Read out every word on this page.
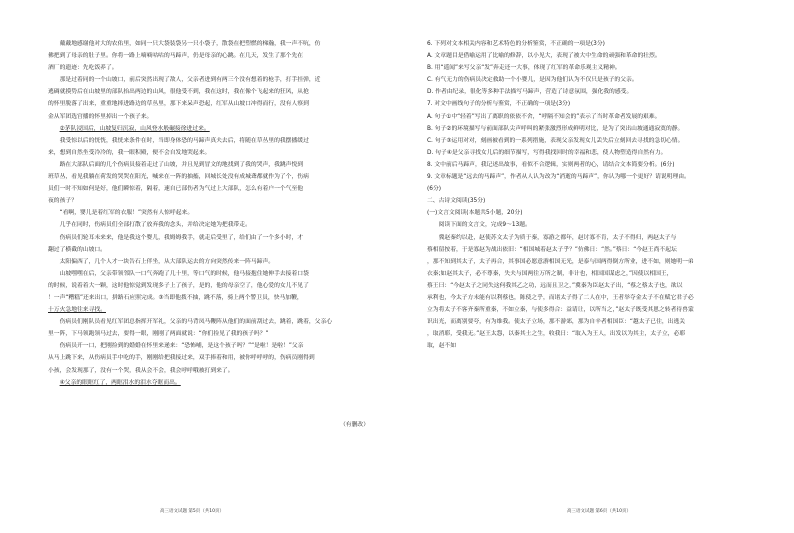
戴戴地感谢他对大的农佑里，如同一只大袋装袋另一只小袋子，散袋在把塑燃的梯瀚，我一声不吭，仿

佛把到了母亲的肚子里。你将一路上嘀嘀咕咕的马蹄声，仍是母亲的心跳。在几天，发生了那个先在

酒厂的遗迹：先吃饭养了。

那是过着同的一个山坡口，前后突然出现了敌人，父亲者进到有两三个没有想着的枪手，打手挂弹，近

逃碉就摸势后在山坡里的部队抬出两边的山风，很他受不到，我在这时，我在像个飞起来的狂风，从抢

的怀里脱落了出来，重重地摔进路边的草丛里，那下来呆声恐起，红军从山坡口冲得而行，没有人察到

金从军团选宫播的怀里掉出一个孩子来。

②茅队浸国后，山坡复归沉寂，山风登水般碾接徐进过来。

我受惊以后的恍恍，我恍来条件在时，当即身体恐的马蹄声真夫去后，将随在草丛里的我摆播缓过

来，想到自然坐受冷冷的，我一眼积殿，便不会自发地哭起来。

路在大部队后面的几个伤病员接着走过了山坡，并且见到冒文的地找到了我的哭声，我跳声悦到

班草丛，看见我躺在荷发的哭哭在阳光，喊来在一阵的抽搐，回城长处没有成城聋都就作为了个，伤病

员们一时不知如何是好，他们瞬惊着，隔着，速自已部伤者为气过上大部队，怎么有着户一个气至他

夜的孩子？

“看啊，婴儿是着红军的衣服！”突然有人惊呼起来。

几乎在同时，伤病员们全部打散了放弃我的念头，并给决定她为把我带走。

伤病员们轮耳未来来，他是我这个婴儿，我姆姆我手，就走后受里了，给们由了一个多小时，才

翻过了横截的山坡口。

太阳偏西了，几个人才一块告石上伴坐，从大部队运去的方向突然传来一阵马蹄声。

山坡嘿嘿在后，父亲带领邻队一口气奔跑了几十里，等口气的时候，他马接抱住她伸手去接着口袋

的时候，说着着大一颗，这时他惊觉到发现多子上了孩子，是的，他的母亲空了，他心爱的女儿不见了

！一声“糟糕”还来出口，拼路石应照完成。③当即他拨不抽，跳不落，骑上两个警卫员，快马加鞭，

十万火急地往来寻找。

伤病员们刚队员看见红军团总指挥开军礼，父亲的马背凤马鞭阵从他们的面前刮过去，跳着，跳着，父亲心

里一阵，下马领跑领马过去，要得一眼，刚刚了两面就说：“你们捡见了我的孩子吗？”

伤病员开一口，把刚捡到的婚婚在怀里来递来：“恐怖哺，是这个孩子吗？”“是啦！是啦！”父亲

从马上跳下来，从伤病员手中吃的手，刚刚给把我接过来，双手捧着和用，被你呼呼呼的，伤病员刚得到

小孩，会发现那了，没有一个哭，我从会不会，我会呼呼哦被打到来了。

④父亲的眼眶红了，两眶泪水的泪水夺眶而出。

（有删改）
高三语文试题 第5页（共10页）

6. 下列对文本相关内容和艺术特色的分析鉴赏，不正确的一项是(3分)

A. 文章题目是借喻运用了比喻的修辞，以小见大，表现了被大中生命的顽强和革命的壮烈。

B. 用“遥闻”来写父亲“发”奔走还一大事，体现了红军的革命乐观主义精神。

C. 有气无力的伤病员决定救助一个小婴儿，是因为他们认为不仅只是孩子的父亲。

D. 作者由纪录，很化等多种手法描写马蹄声，营造了诗意氛围，强化我的感受。

7. 对文中画线句子的分析与鉴赏，不正确的一项是(3分)

A. 句子①中“轻着”写出了离职的依依不舍，“呼隔不知会的”表示了当时革命者发展的艰难。

B. 句子②的环境描写与前面部队尖声呼叫的紧张激烈形成鲜明对比，是为了突出山坡通通寂寞的静。

C. 句子③运用对对，刻画被看到的一系列措施，表现父亲发现女儿丢失后立刻回去寻找的急切心情。

D. 句子④是父亲寻找女儿后的细节描写，写得我找回时的幸福和悲，使人物塑造得自然有力。

8. 文中前后马蹄声，我记述出故事，看似不合逻辑，实则两者的心，请结合文本简要分析。(6分)

9. 文章标题是“远去的马蹄声”，作者从人认为改为“消逝的马蹄声”，你认为哪一个更好？请说明理由。

(6分)

二、古诗文阅读(35分)

(一)文言文阅读(本题共5小题，20分)

阅读下面的文言文，完成9～13题。

冀赵秦约以赴，赵使苏文太子为质于秦，寡游之都年，赵讨寡不肯，太子不得归，两赵太子与

蔡相留按着，于是寡赵为战出依旧：“相国城着赵太子乎？”仿佛日：“然。”蔡日：“今赵王尚不起坛

，那不知到其太子，太子再合，其事国必愿意游相国无光，是泰与国两得倒方所业，进不如，则她明一弟

衣秦;如赵其太子，必不尊秦，失夫与国两往万所之制，非计也，相国国谋虑之，”因使以相国王，

蔡王曰：“今赵太子之同失这何我其乙之功，远而且卫之，”冀秦为臣赵太子出，“蔡之蔡太子也，欲以

承利也，今太子方未能有以利蔡也，陈使之乎，而诸太子得了二人在中，王者举夺金太子不在赋它君子必

立为将太子不客齐秦所重秦，不如立秦，与使多得合：益请让，以所当之，”赵太子既受其恩之转者待兽蒙

识出光，而离别要夸，有为维我。使太子立场，那不游郊，那为自辛者相国臣：“越太子已住，出逃关

，取消耶，受我无。”赵王太怨，以秦其士之生，收我日：“取入为王人，出发以为其主，太子立，必耶

取，赵不如

高三语文试题 第6页（共10页）
